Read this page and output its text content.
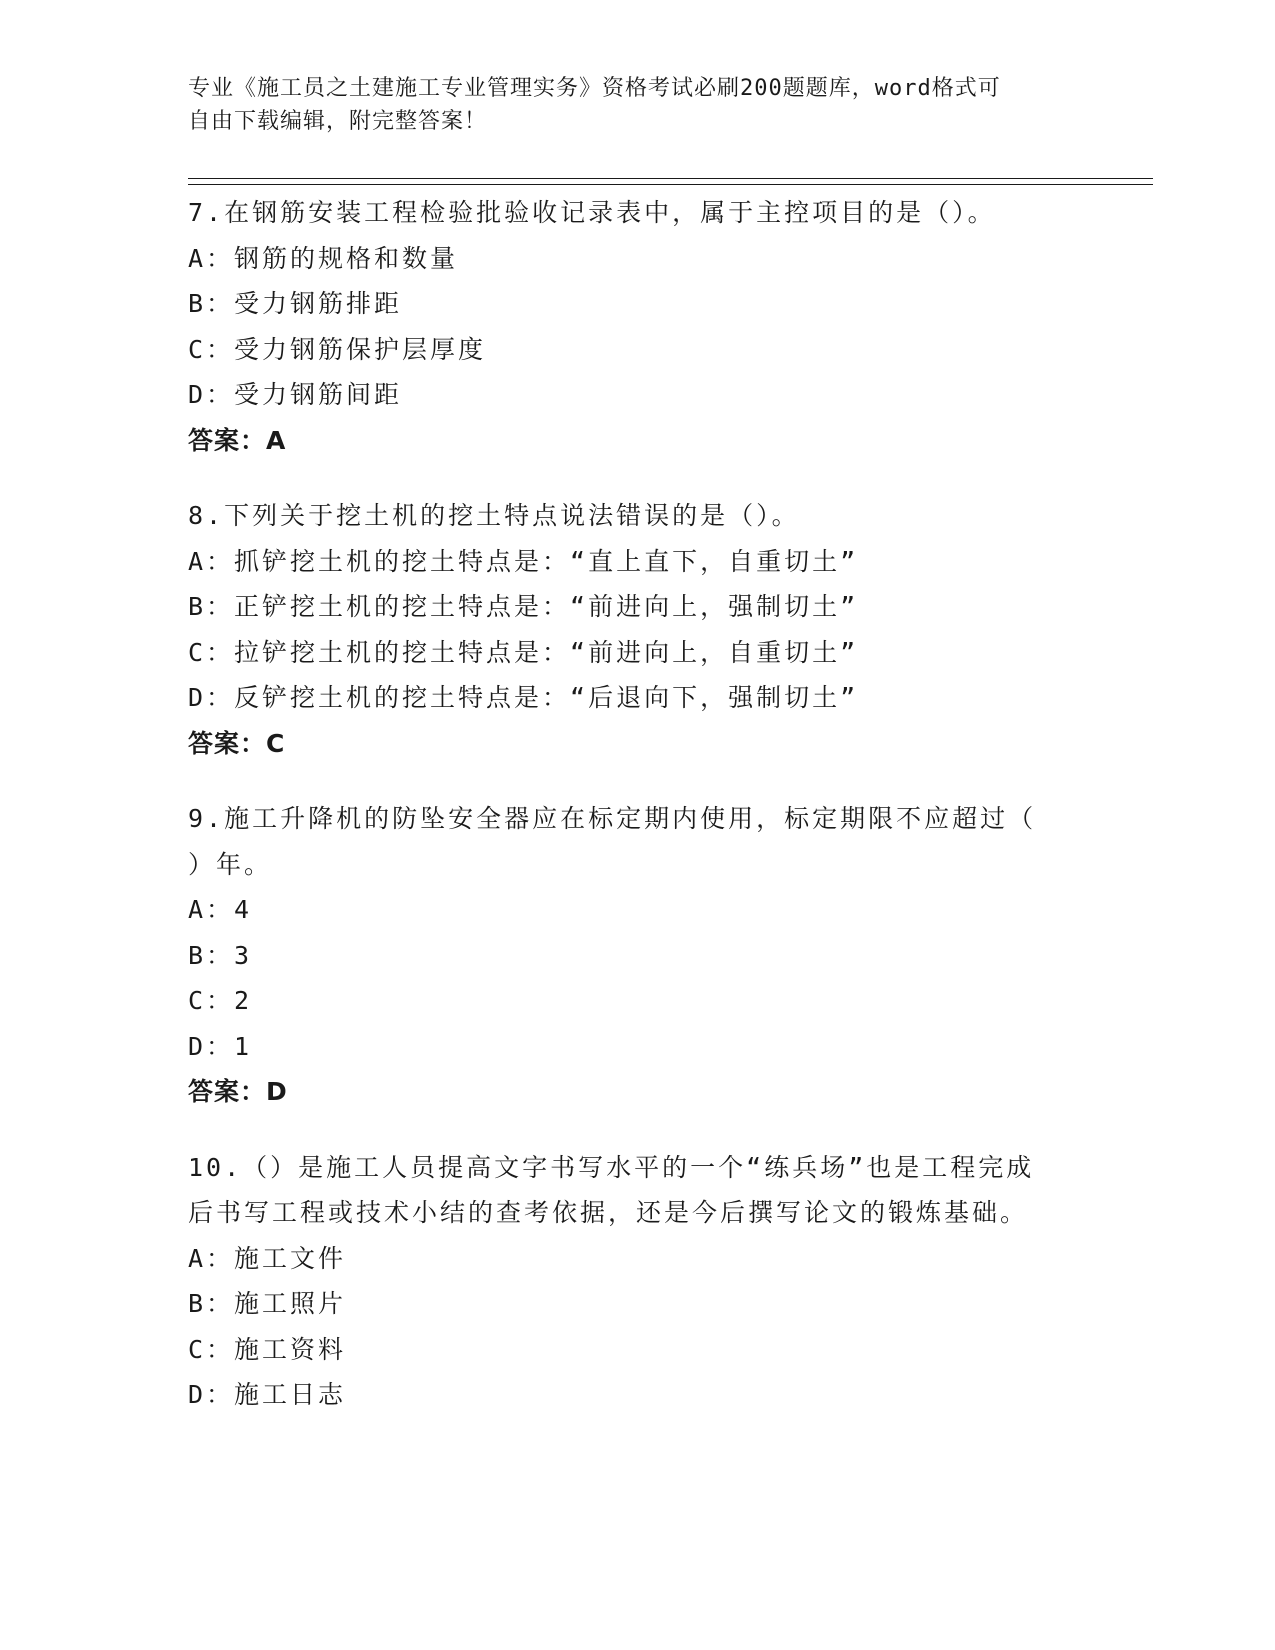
专业《施工员之土建施工专业管理实务》资格考试必刷200题题库，word格式可
自由下载编辑，附完整答案！
7.在钢筋安装工程检验批验收记录表中，属于主控项目的是（）。
A：钢筋的规格和数量
B：受力钢筋排距
C：受力钢筋保护层厚度
D：受力钢筋间距
答案：A
8.下列关于挖土机的挖土特点说法错误的是（）。
A：抓铲挖土机的挖土特点是：“直上直下，自重切土”
B：正铲挖土机的挖土特点是：“前进向上，强制切土”
C：拉铲挖土机的挖土特点是：“前进向上，自重切土”
D：反铲挖土机的挖土特点是：“后退向下，强制切土”
答案：C
9.施工升降机的防坠安全器应在标定期内使用，标定期限不应超过（
）年。
A：4
B：3
C：2
D：1
答案：D
10.（）是施工人员提高文字书写水平的一个“练兵场”也是工程完成
后书写工程或技术小结的查考依据，还是今后撰写论文的锻炼基础。
A：施工文件
B：施工照片
C：施工资料
D：施工日志
